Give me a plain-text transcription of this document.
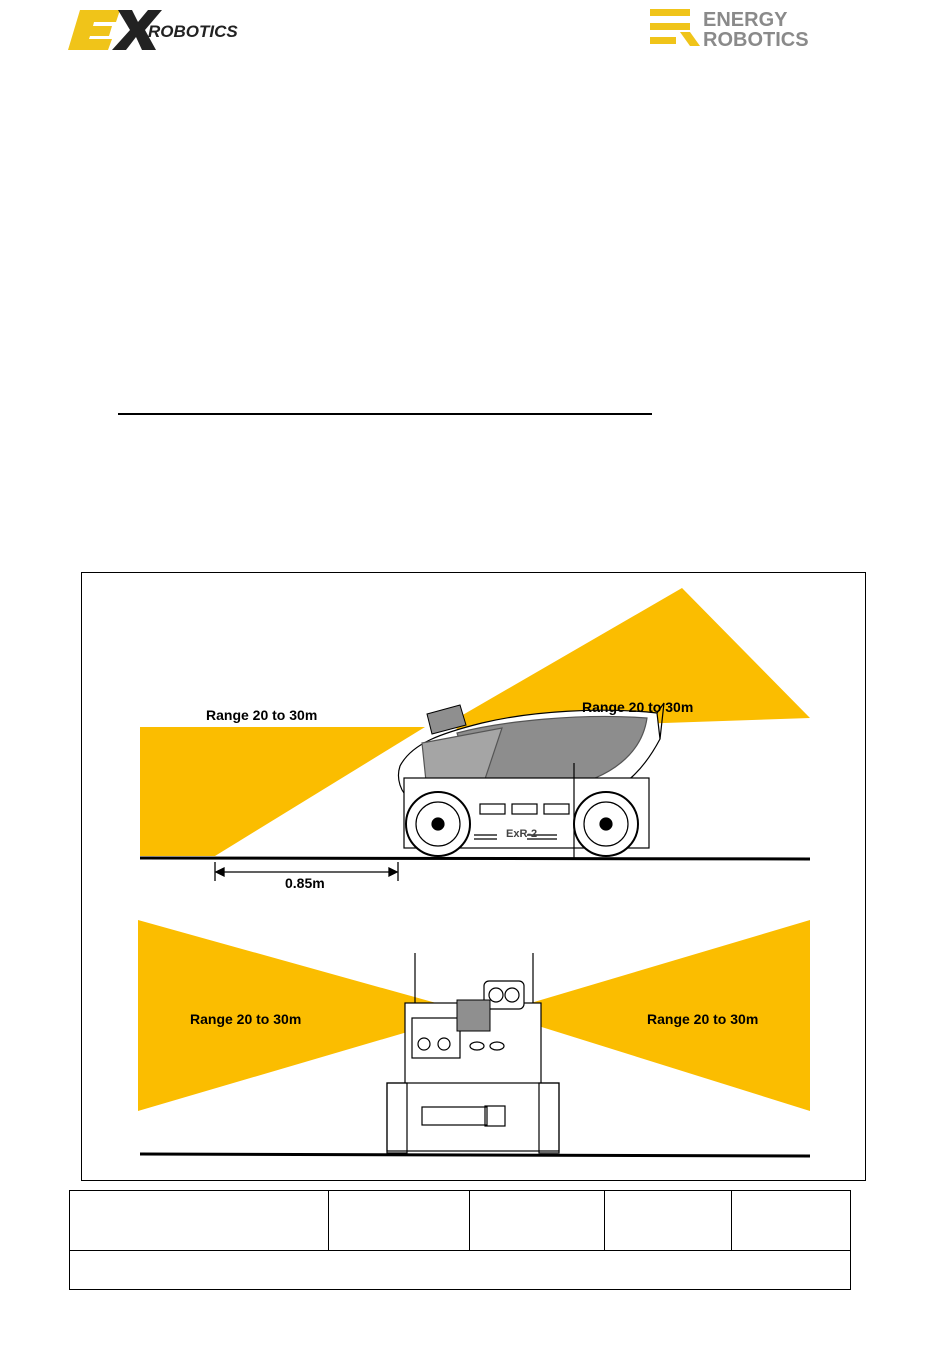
ROBOTICS
ENERGY
ROBOTICS
ExR-2
Range 20 to 30m	Range 20 to 30m
0.85m
Range 20 to 30m	Range 20 to 30m
